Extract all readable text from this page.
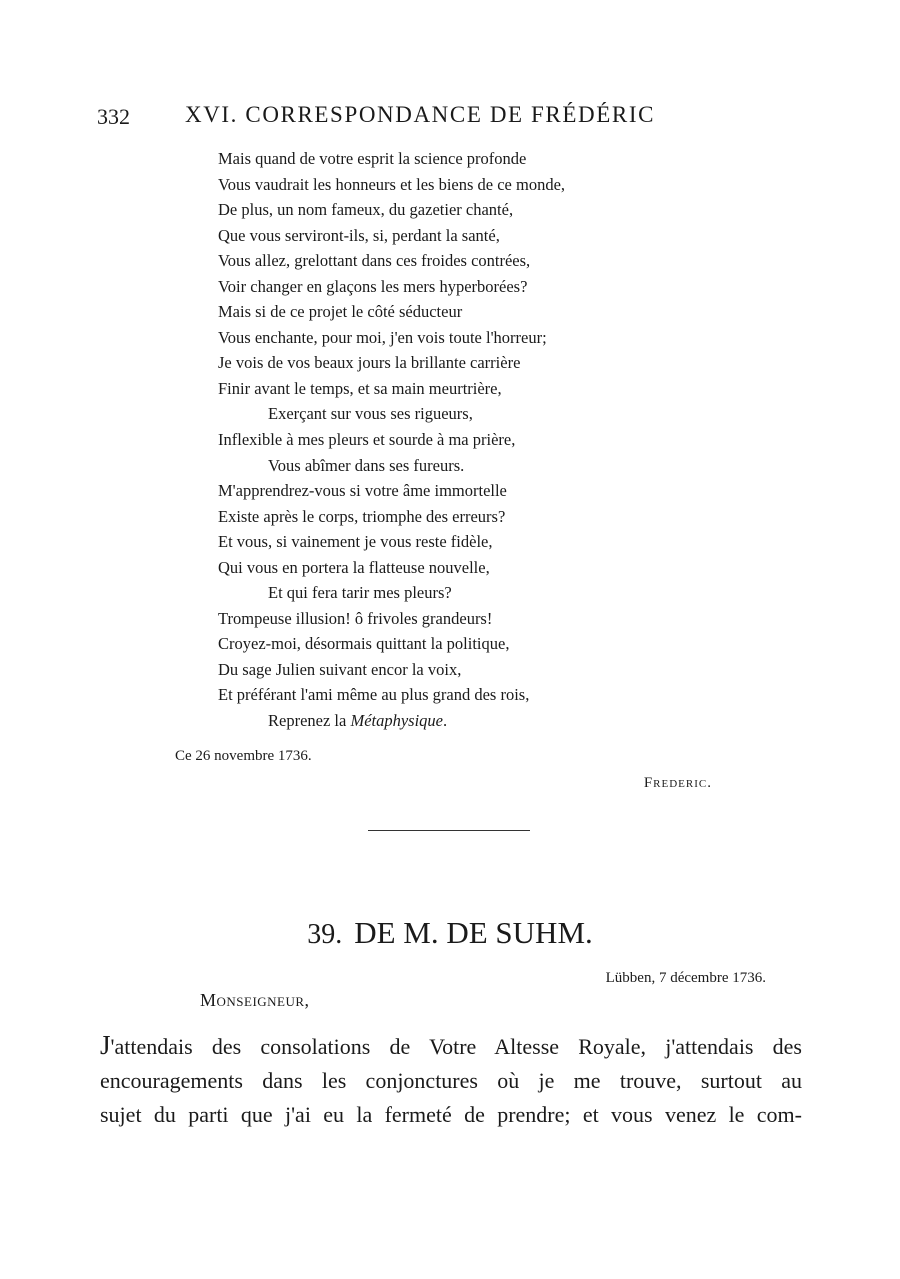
332 XVI. CORRESPONDANCE DE FRÉDÉRIC
Mais quand de votre esprit la science profonde
Vous vaudrait les honneurs et les biens de ce monde,
De plus, un nom fameux, du gazetier chanté,
Que vous serviront-ils, si, perdant la santé,
Vous allez, grelottant dans ces froides contrées,
Voir changer en glaçons les mers hyperborées?
Mais si de ce projet le côté séducteur
Vous enchante, pour moi, j'en vois toute l'horreur;
Je vois de vos beaux jours la brillante carrière
Finir avant le temps, et sa main meurtrière,
Exerçant sur vous ses rigueurs,
Inflexible à mes pleurs et sourde à ma prière,
Vous abîmer dans ses fureurs.
M'apprendrez-vous si votre âme immortelle
Existe après le corps, triomphe des erreurs?
Et vous, si vainement je vous reste fidèle,
Qui vous en portera la flatteuse nouvelle,
Et qui fera tarir mes pleurs?
Trompeuse illusion! ô frivoles grandeurs!
Croyez-moi, désormais quittant la politique,
Du sage Julien suivant encor la voix,
Et préférant l'ami même au plus grand des rois,
Reprenez la Métaphysique.
Ce 26 novembre 1736.
Frederic.
39. DE M. DE SUHM.
Lübben, 7 décembre 1736.
Monseigneur,
J'attendais des consolations de Votre Altesse Royale, j'attendais des
encouragements dans les conjonctures où je me trouve, surtout au
sujet du parti que j'ai eu la fermeté de prendre; et vous venez le com-
